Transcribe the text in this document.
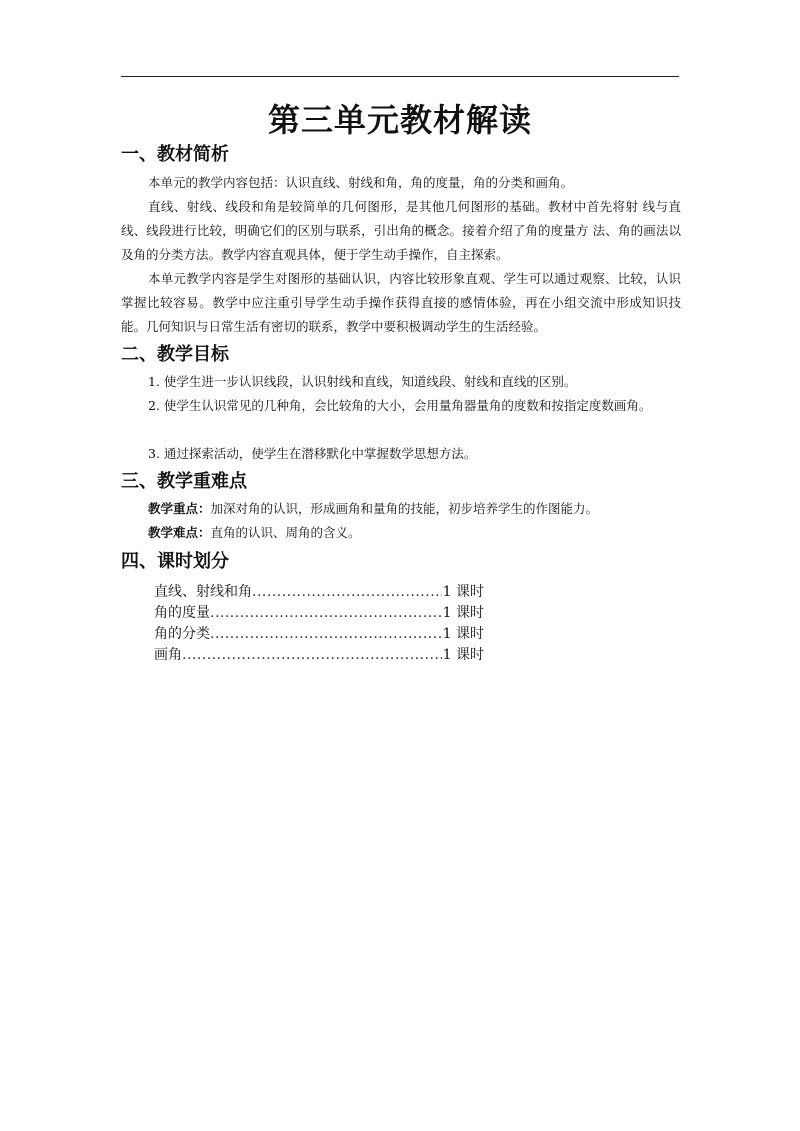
第三单元教材解读
一、教材简析
本单元的教学内容包括：认识直线、射线和角，角的度量，角的分类和画角。
直线、射线、线段和角是较简单的几何图形，是其他几何图形的基础。教材中首先将射 线与直线、线段进行比较，明确它们的区别与联系，引出角的概念。接着介绍了角的度量方 法、角的画法以及角的分类方法。教学内容直观具体，便于学生动手操作，自主探索。
本单元教学内容是学生对图形的基础认识，内容比较形象直观、学生可以通过观察、比较，认识掌握比较容易。教学中应注重引导学生动手操作获得直接的感情体验，再在小组交流中形成知识技能。几何知识与日常生活有密切的联系，教学中要积极调动学生的生活经验。
二、教学目标
1. 使学生进一步认识线段，认识射线和直线，知道线段、射线和直线的区别。
2. 使学生认识常见的几种角，会比较角的大小，会用量角器量角的度数和按指定度数画角。
3. 通过探索活动，使学生在潜移默化中掌握数学思想方法。
三、教学重难点
教学重点：加深对角的认识，形成画角和量角的技能，初步培养学生的作图能力。
教学难点：直角的认识、周角的含义。
四、课时划分
直线、射线和角 .....	1 课时
角的度量 .....	1 课时
角的分类 .....	1 课时
画角 .....	1 课时
